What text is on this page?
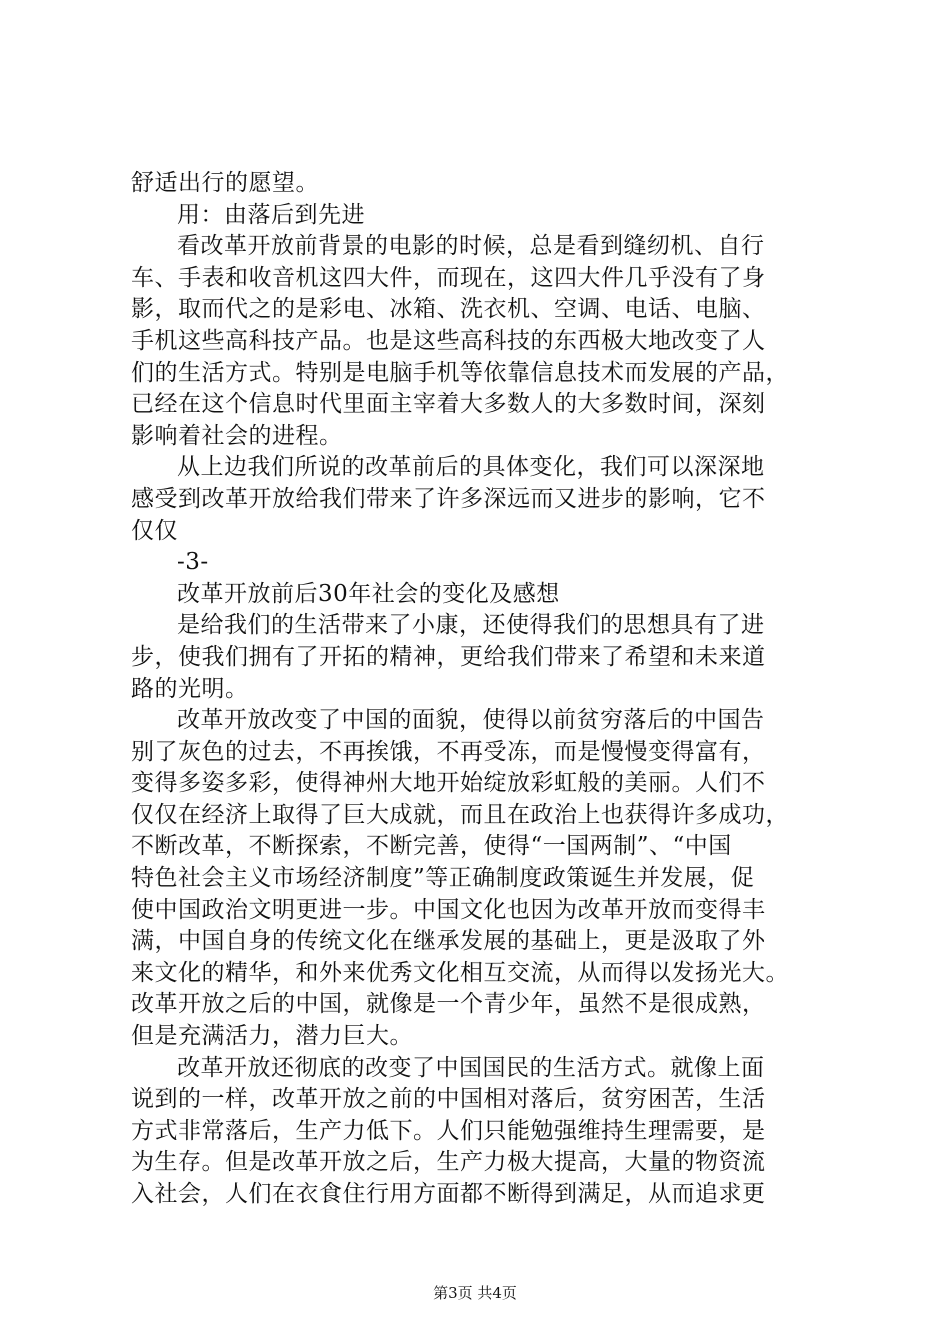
舒适出行的愿望。
用：由落后到先进
看改革开放前背景的电影的时候，总是看到缝纫机、自行
车、手表和收音机这四大件，而现在，这四大件几乎没有了身
影，取而代之的是彩电、冰箱、洗衣机、空调、电话、电脑、
手机这些高科技产品。也是这些高科技的东西极大地改变了人
们的生活方式。特别是电脑手机等依靠信息技术而发展的产品，
已经在这个信息时代里面主宰着大多数人的大多数时间，深刻
影响着社会的进程。
从上边我们所说的改革前后的具体变化，我们可以深深地
感受到改革开放给我们带来了许多深远而又进步的影响，它不
仅仅
-3-
改革开放前后30年社会的变化及感想
是给我们的生活带来了小康，还使得我们的思想具有了进
步，使我们拥有了开拓的精神，更给我们带来了希望和未来道
路的光明。
改革开放改变了中国的面貌，使得以前贫穷落后的中国告
别了灰色的过去，不再挨饿，不再受冻，而是慢慢变得富有，
变得多姿多彩，使得神州大地开始绽放彩虹般的美丽。人们不
仅仅在经济上取得了巨大成就，而且在政治上也获得许多成功，
不断改革，不断探索，不断完善，使得“一国两制”、“中国
特色社会主义市场经济制度”等正确制度政策诞生并发展，促
使中国政治文明更进一步。中国文化也因为改革开放而变得丰
满，中国自身的传统文化在继承发展的基础上，更是汲取了外
来文化的精华，和外来优秀文化相互交流，从而得以发扬光大。
改革开放之后的中国，就像是一个青少年，虽然不是很成熟，
但是充满活力，潜力巨大。
改革开放还彻底的改变了中国国民的生活方式。就像上面
说到的一样，改革开放之前的中国相对落后，贫穷困苦，生活
方式非常落后，生产力低下。人们只能勉强维持生理需要，是
为生存。但是改革开放之后，生产力极大提高，大量的物资流
入社会，人们在衣食住行用方面都不断得到满足，从而追求更
第3页 共4页
